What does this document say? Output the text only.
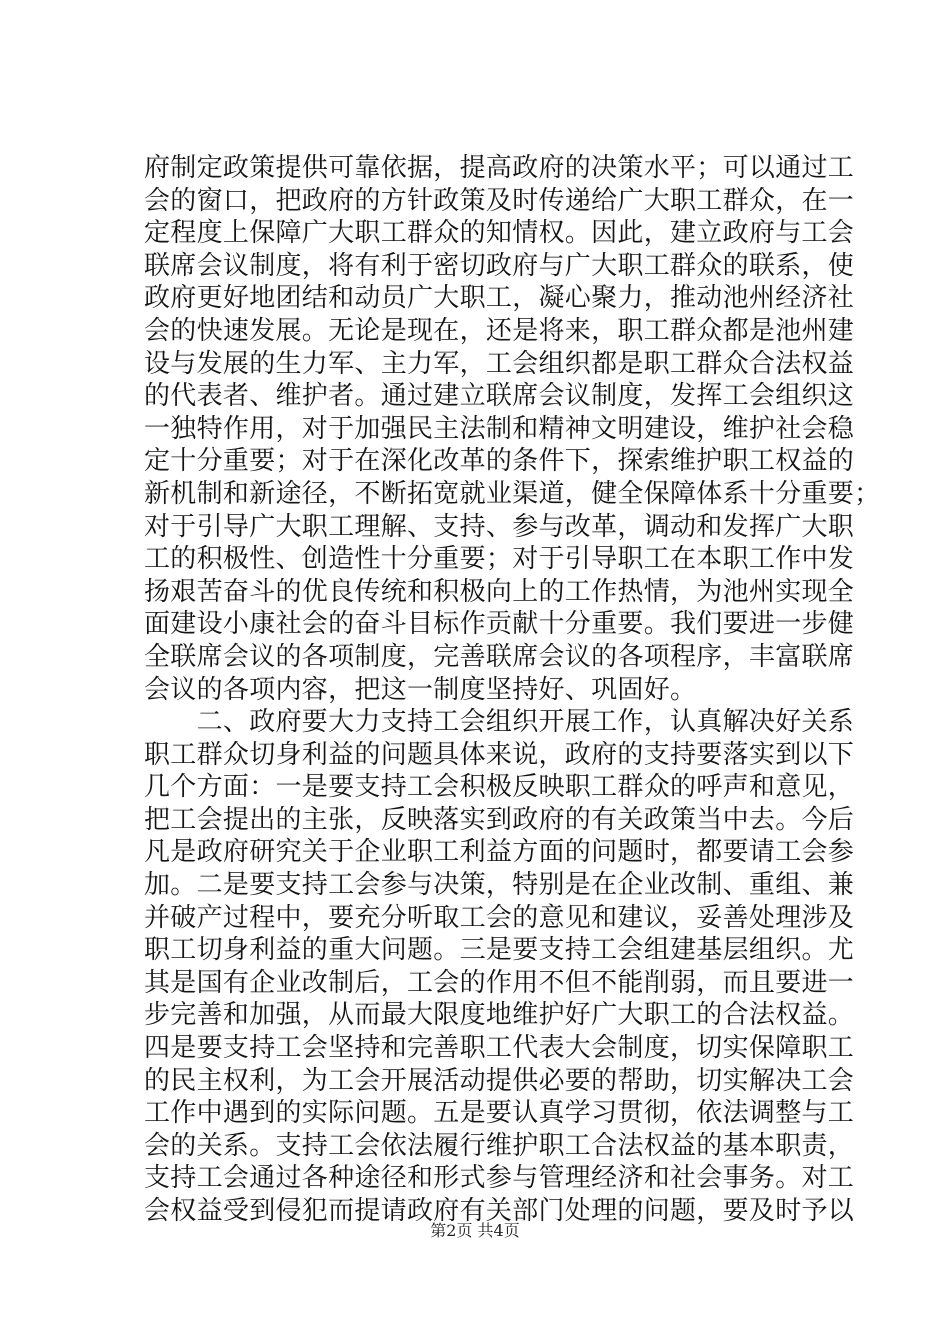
府制定政策提供可靠依据，提高政府的决策水平；可以通过工
会的窗口，把政府的方针政策及时传递给广大职工群众，在一
定程度上保障广大职工群众的知情权。因此，建立政府与工会
联席会议制度，将有利于密切政府与广大职工群众的联系，使
政府更好地团结和动员广大职工，凝心聚力，推动池州经济社
会的快速发展。无论是现在，还是将来，职工群众都是池州建
设与发展的生力军、主力军，工会组织都是职工群众合法权益
的代表者、维护者。通过建立联席会议制度，发挥工会组织这
一独特作用，对于加强民主法制和精神文明建设，维护社会稳
定十分重要；对于在深化改革的条件下，探索维护职工权益的
新机制和新途径，不断拓宽就业渠道，健全保障体系十分重要；
对于引导广大职工理解、支持、参与改革，调动和发挥广大职
工的积极性、创造性十分重要；对于引导职工在本职工作中发
扬艰苦奋斗的优良传统和积极向上的工作热情，为池州实现全
面建设小康社会的奋斗目标作贡献十分重要。我们要进一步健
全联席会议的各项制度，完善联席会议的各项程序，丰富联席
会议的各项内容，把这一制度坚持好、巩固好。
　　二、政府要大力支持工会组织开展工作，认真解决好关系
职工群众切身利益的问题具体来说，政府的支持要落实到以下
几个方面：一是要支持工会积极反映职工群众的呼声和意见，
把工会提出的主张，反映落实到政府的有关政策当中去。今后
凡是政府研究关于企业职工利益方面的问题时，都要请工会参
加。二是要支持工会参与决策，特别是在企业改制、重组、兼
并破产过程中，要充分听取工会的意见和建议，妥善处理涉及
职工切身利益的重大问题。三是要支持工会组建基层组织。尤
其是国有企业改制后，工会的作用不但不能削弱，而且要进一
步完善和加强，从而最大限度地维护好广大职工的合法权益。
四是要支持工会坚持和完善职工代表大会制度，切实保障职工
的民主权利，为工会开展活动提供必要的帮助，切实解决工会
工作中遇到的实际问题。五是要认真学习贯彻，依法调整与工
会的关系。支持工会依法履行维护职工合法权益的基本职责，
支持工会通过各种途径和形式参与管理经济和社会事务。对工
会权益受到侵犯而提请政府有关部门处理的问题，要及时予以
第2页 共4页
